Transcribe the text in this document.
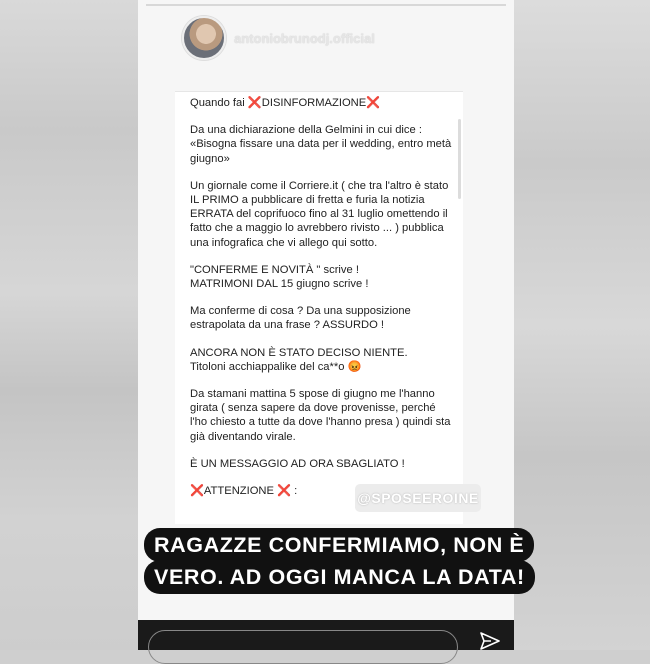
antoniobrunodj.official

Quando fai ❌DISINFORMAZIONE❌

Da una dichiarazione della Gelmini in cui dice :
«Bisogna fissare una data per il wedding, entro metà giugno»

Un giornale come il Corriere.it ( che tra l'altro è stato IL PRIMO a pubblicare di fretta e furia la notizia ERRATA del coprifuoco fino al 31 luglio omettendo il fatto che a maggio lo avrebbero rivisto ... ) pubblica una infografica che vi allego qui sotto.

"CONFERME E NOVITÀ " scrive !
MATRIMONI DAL 15 giugno scrive !

Ma conferme di cosa ? Da una supposizione estrapolata da una frase ? ASSURDO !

ANCORA NON È STATO DECISO NIENTE.
Titoloni acchiappalike del ca**o 😡

Da stamani mattina 5 spose di giugno me l'hanno girata ( senza sapere da dove provenisse, perché l'ho chiesto a tutte da dove l'hanno presa ) quindi sta già diventando virale.

È UN MESSAGGIO AD ORA SBAGLIATO !

❌ATTENZIONE ❌ :	@SPOSEEROINE
RAGAZZE CONFERMIAMO, NON È
VERO. AD OGGI MANCA LA DATA!
